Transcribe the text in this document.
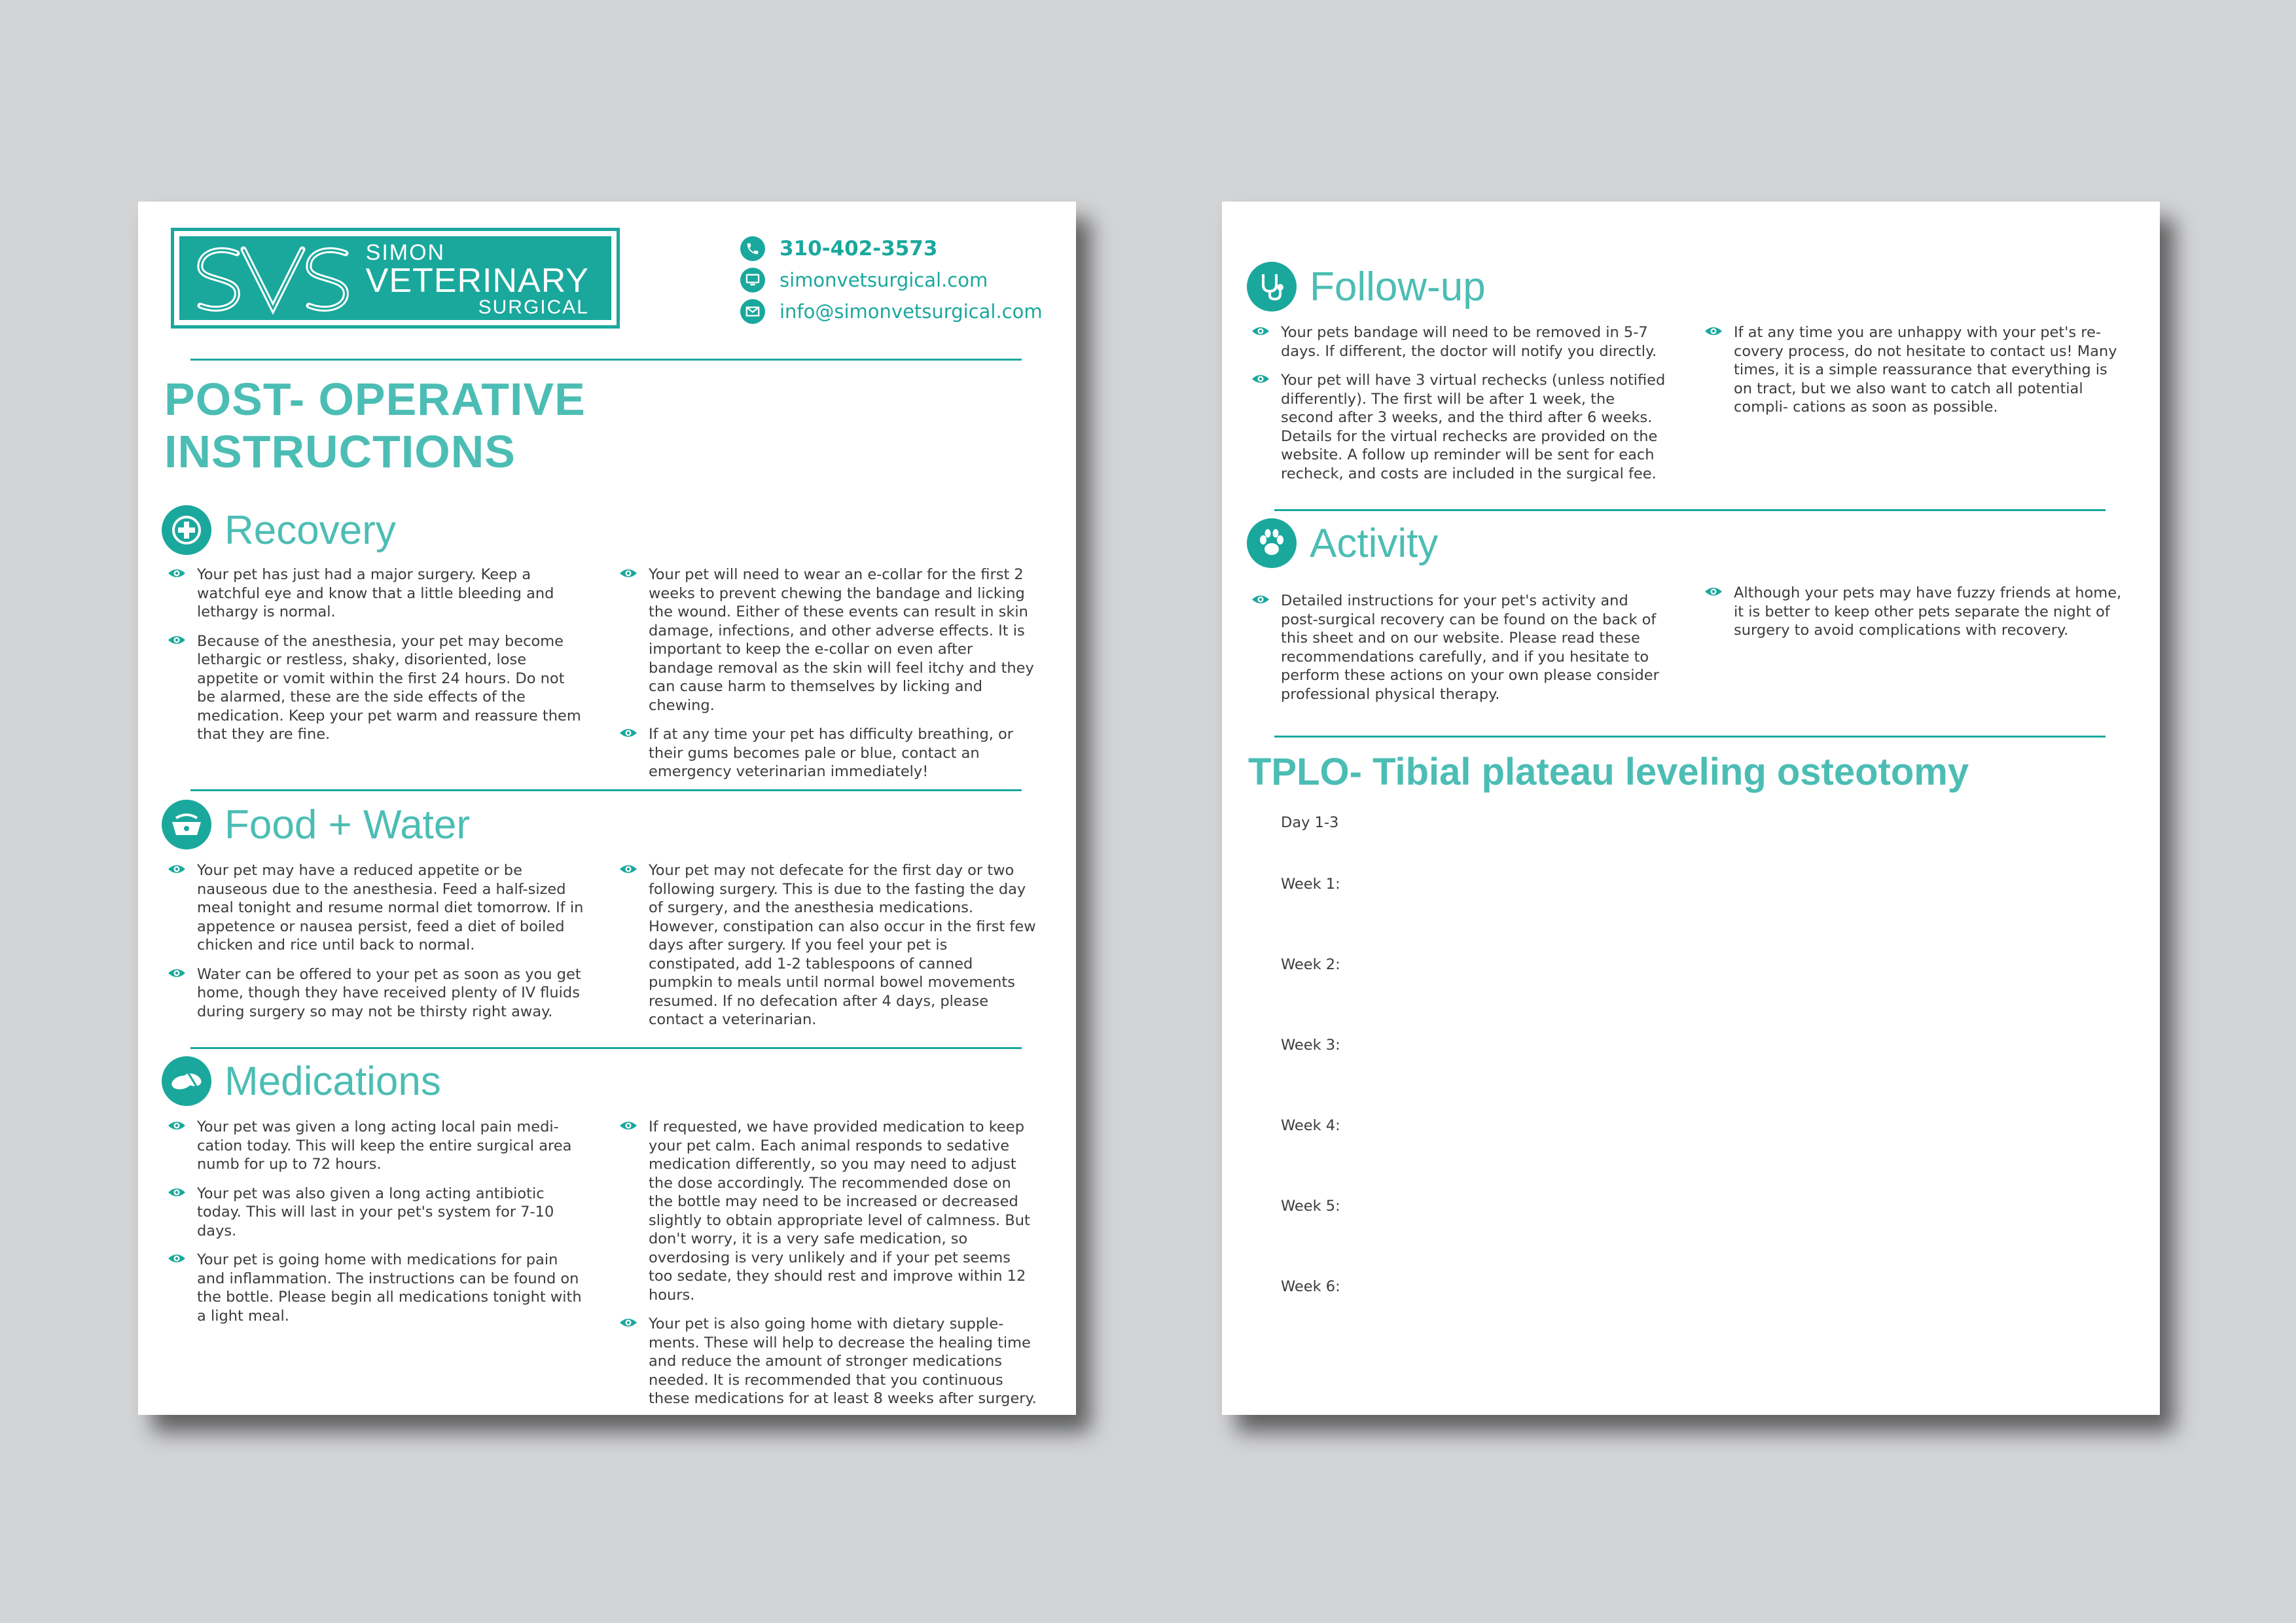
SIMON
VETERINARY
SURGICAL
310-402-3573
simonvetsurgical.com
info@simonvetsurgical.com
POST- OPERATIVE
INSTRUCTIONS
Recovery
Your pet has just had a major surgery. Keep a watchful eye and know that a little bleeding and lethargy is normal.
Because of the anesthesia, your pet may become lethargic or restless, shaky, disoriented, lose appetite or vomit within the first 24 hours. Do not be alarmed, these are the side effects of the medication. Keep your pet warm and reassure them that they are fine.
Your pet will need to wear an e-collar for the first 2 weeks to prevent chewing the bandage and licking the wound. Either of these events can result in skin damage, infections, and other adverse effects. It is important to keep the e-collar on even after bandage removal as the skin will feel itchy and they can cause harm to themselves by licking and chewing.
If at any time your pet has difficulty breathing, or their gums becomes pale or blue, contact an emergency veterinarian immediately!
Food + Water
Your pet may have a reduced appetite or be nauseous due to the anesthesia. Feed a half-sized meal tonight and resume normal diet tomorrow. If in appetence or nausea persist, feed a diet of boiled chicken and rice until back to normal.
Water can be offered to your pet as soon as you get home, though they have received plenty of IV fluids during surgery so may not be thirsty right away.
Your pet may not defecate for the first day or two following surgery. This is due to the fasting the day of surgery, and the anesthesia medications. However, constipation can also occur in the first few days after surgery. If you feel your pet is constipated, add 1-2 tablespoons of canned pumpkin to meals until normal bowel movements resumed. If no defecation after 4 days, please contact a veterinarian.
Medications
Your pet was given a long acting local pain medi- cation today. This will keep the entire surgical area numb for up to 72 hours.
Your pet was also given a long acting antibiotic today. This will last in your pet's system for 7-10 days.
Your pet is going home with medications for pain and inflammation. The instructions can be found on the bottle. Please begin all medications tonight with a light meal.
If requested, we have provided medication to keep your pet calm. Each animal responds to sedative medication differently, so you may need to adjust the dose accordingly. The recommended dose on the bottle may need to be increased or decreased slightly to obtain appropriate level of calmness. But don't worry, it is a very safe medication, so overdosing is very unlikely and if your pet seems too sedate, they should rest and improve within 12 hours.
Your pet is also going home with dietary supple- ments. These will help to decrease the healing time and reduce the amount of stronger medications needed. It is recommended that you continuous these medications for at least 8 weeks after surgery.
Follow-up
Your pets bandage will need to be removed in 5-7 days. If different, the doctor will notify you directly.
Your pet will have 3 virtual rechecks (unless notified differently). The first will be after 1 week, the second after 3 weeks, and the third after 6 weeks. Details for the virtual rechecks are provided on the website. A follow up reminder will be sent for each recheck, and costs are included in the surgical fee.
If at any time you are unhappy with your pet's re- covery process, do not hesitate to contact us! Many times, it is a simple reassurance that everything is on tract, but we also want to catch all potential compli- cations as soon as possible.
Activity
Detailed instructions for your pet's activity and post-surgical recovery can be found on the back of this sheet and on our website. Please read these recommendations carefully, and if you hesitate to perform these actions on your own please consider professional physical therapy.
Although your pets may have fuzzy friends at home, it is better to keep other pets separate the night of surgery to avoid complications with recovery.
TPLO- Tibial plateau leveling osteotomy
Day 1-3
Week 1:
Week 2:
Week 3:
Week 4:
Week 5:
Week 6:
